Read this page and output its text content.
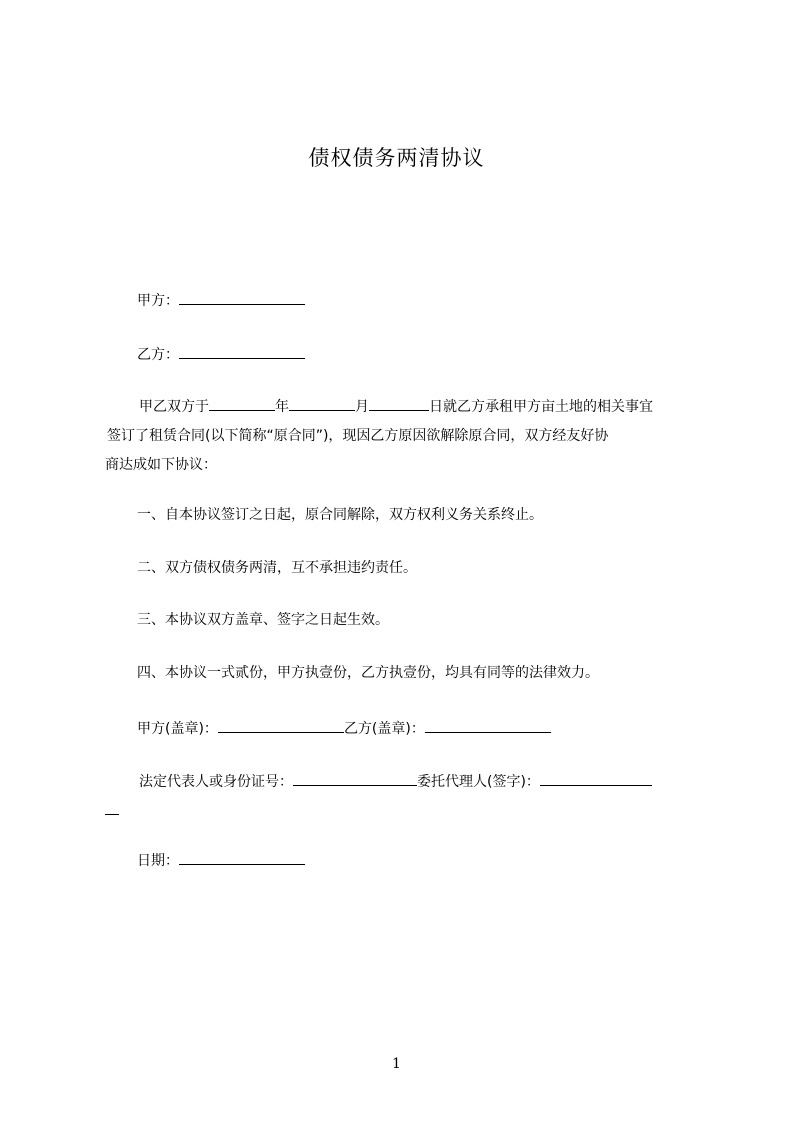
债权债务两清协议
甲方：
乙方：
甲乙双方于	年	月	日就乙方承租甲方亩土地的相关事宜
签订了租赁合同(以下简称“原合同”)，现因乙方原因欲解除原合同，双方经友好协
商达成如下协议：
一、自本协议签订之日起，原合同解除，双方权利义务关系终止。
二、双方债权债务两清，互不承担违约责任。
三、本协议双方盖章、签字之日起生效。
四、本协议一式贰份，甲方执壹份，乙方执壹份，均具有同等的法律效力。
甲方(盖章)：	乙方(盖章)：
法定代表人或身份证号：	委托代理人(签字)：
日期：
1
